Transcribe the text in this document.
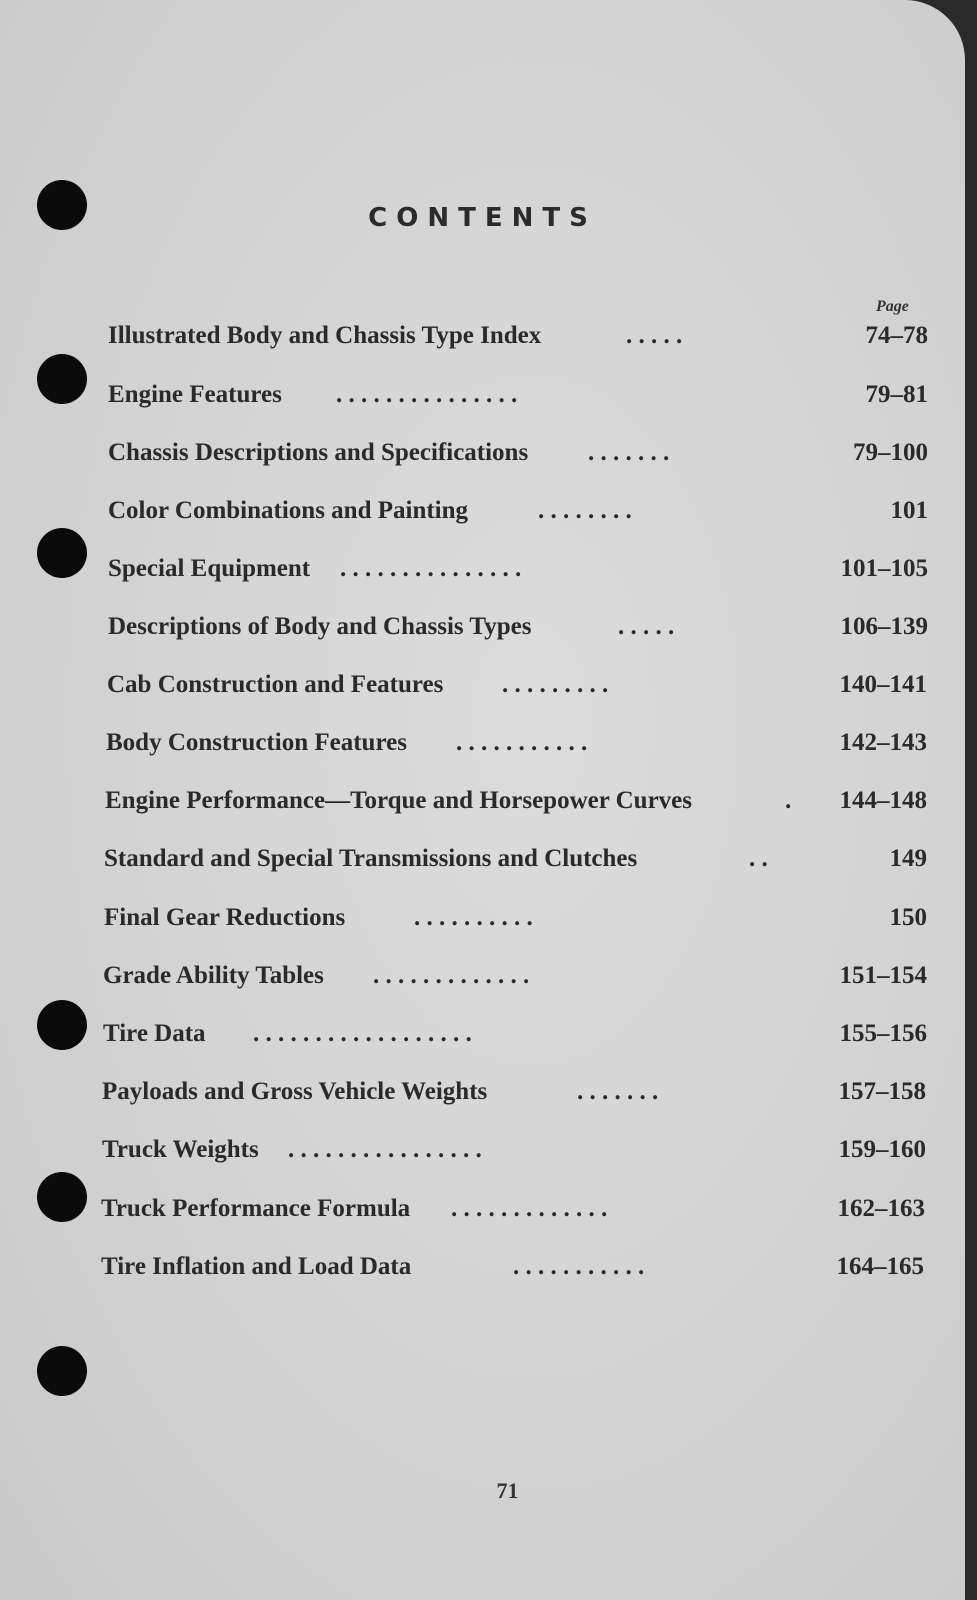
CONTENTS
Page
Illustrated Body and Chassis Type Index	. . . . .	74–78
Engine Features . . . . . . . . . . . . . . .	79–81
Chassis Descriptions and Specifications . . . . . . .	79–100
Color Combinations and Painting	. . . . . . . .	101
Special Equipment . . . . . . . . . . . . . . .	101–105
Descriptions of Body and Chassis Types	. . . . .	106–139
Cab Construction and Features . . . . . . . . .	140–141
Body Construction Features . . . . . . . . . . .	142–143
Engine Performance—Torque and Horsepower Curves	.	144–148
Standard and Special Transmissions and Clutches	. .	149
Final Gear Reductions	. . . . . . . . . .	150
Grade Ability Tables . . . . . . . . . . . . .	151–154
Tire Data . . . . . . . . . . . . . . . . . .	155–156
Payloads and Gross Vehicle Weights	. . . . . . .	157–158
Truck Weights . . . . . . . . . . . . . . . .	159–160
Truck Performance Formula . . . . . . . . . . . . .	162–163
Tire Inflation and Load Data	. . . . . . . . . . .	164–165
71
